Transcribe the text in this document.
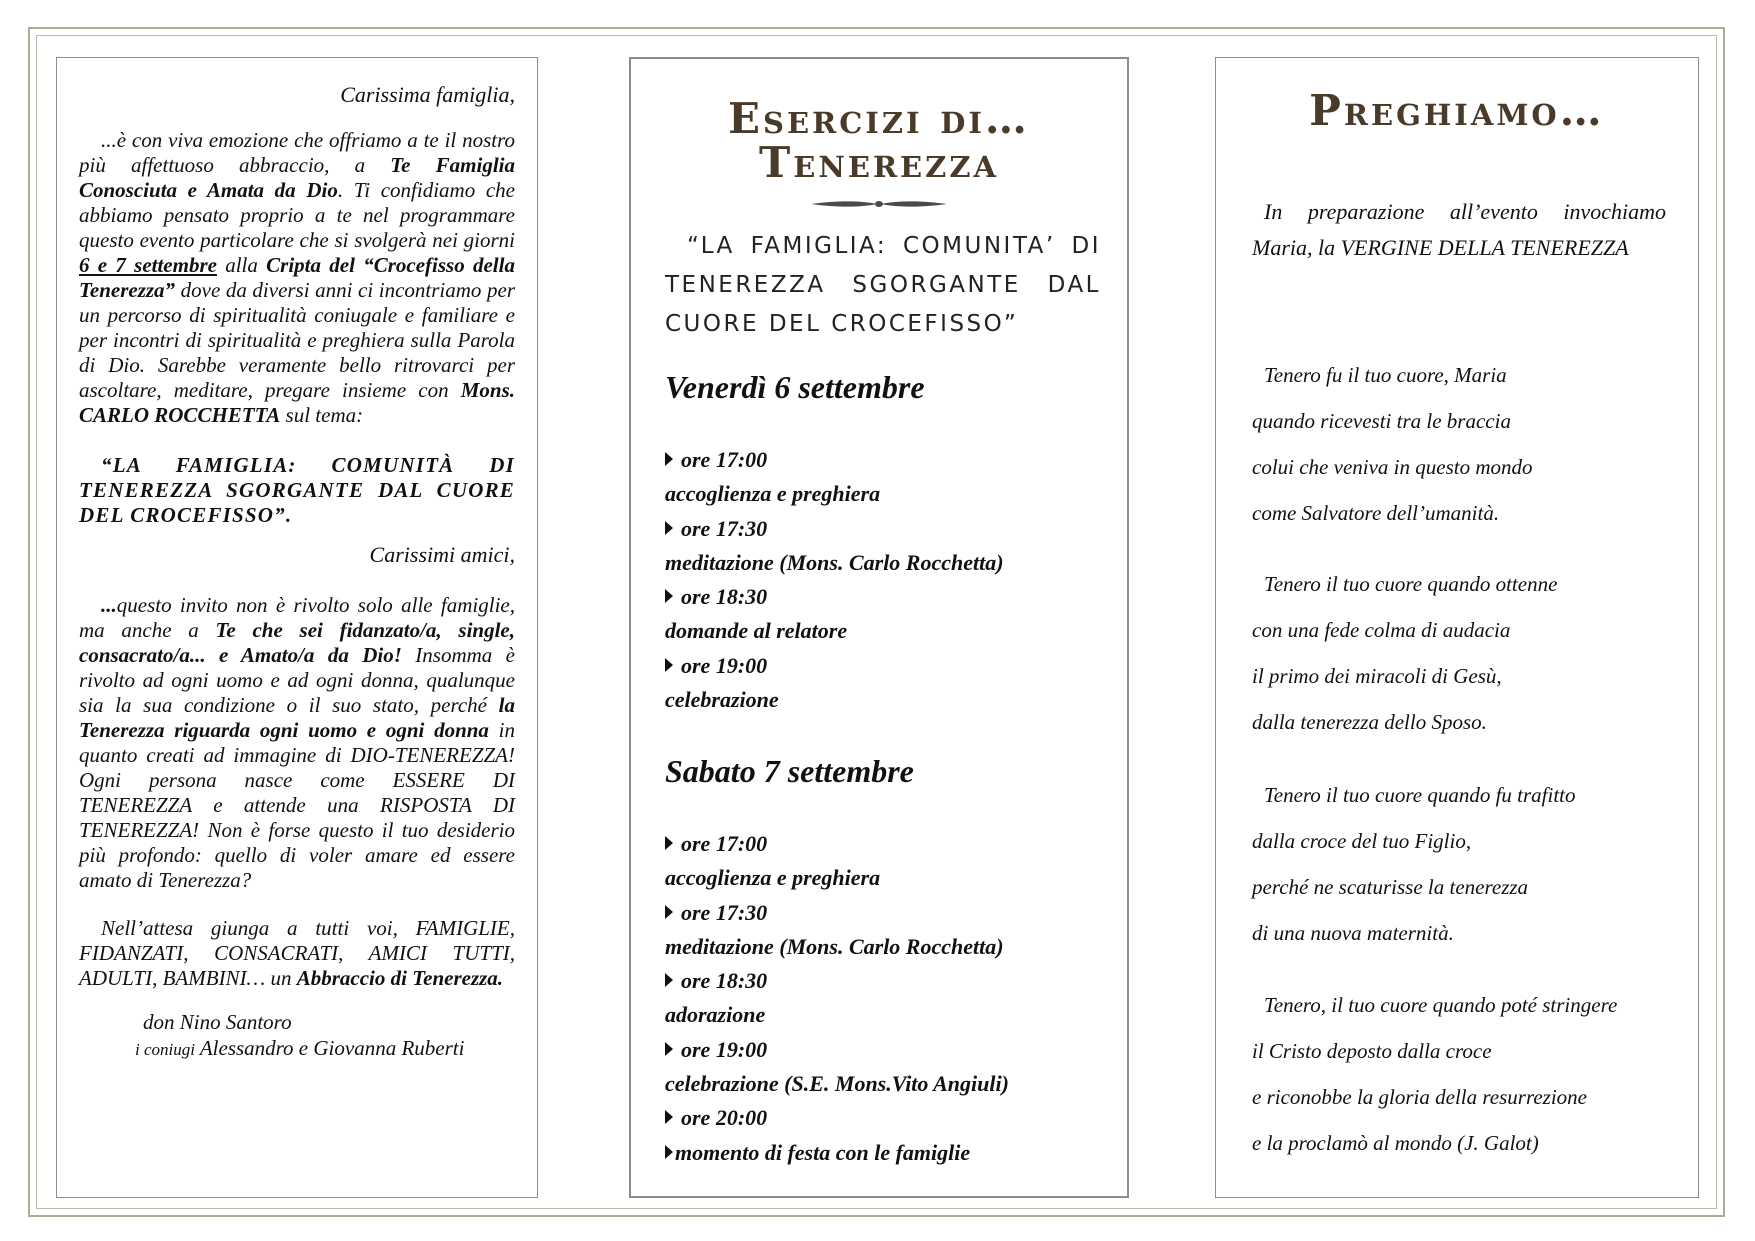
Carissima famiglia,

...è con viva emozione che offriamo a te il nostro più affettuoso abbraccio, a Te Famiglia Conosciuta e Amata da Dio. Ti confidiamo che abbiamo pensato proprio a te nel programmare questo evento particolare che si svolgerà nei giorni 6 e 7 settembre alla Cripta del “Crocefisso della Tenerezza” dove da diversi anni ci incontriamo per un percorso di spiritualità coniugale e familiare e per incontri di spiritualità e preghiera sulla Parola di Dio. Sarebbe veramente bello ritrovarci per ascoltare, meditare, pregare insieme con Mons. CARLO ROCCHETTA sul tema:

“LA FAMIGLIA: COMUNITÀ DI TENEREZZA SGORGANTE DAL CUORE DEL CROCEFISSO”.

Carissimi amici,

...questo invito non è rivolto solo alle famiglie, ma anche a Te che sei fidanzato/a, single, consacrato/a... e Amato/a da Dio! Insomma è rivolto ad ogni uomo e ad ogni donna, qualunque sia la sua condizione o il suo stato, perché la Tenerezza riguarda ogni uomo e ogni donna in quanto creati ad immagine di DIO-TENEREZZA! Ogni persona nasce come ESSERE DI TENEREZZA e attende una RISPOSTA DI TENEREZZA! Non è forse questo il tuo desiderio più profondo: quello di voler amare ed essere amato di Tenerezza?

Nell’attesa giunga a tutti voi, FAMIGLIE, FIDANZATI, CONSACRATI, AMICI TUTTI, ADULTI, BAMBINI… un Abbraccio di Tenerezza.

don Nino Santoro

i coniugi Alessandro e Giovanna Ruberti

Esercizi di…
Tenerezza

“LA FAMIGLIA: COMUNITA’ DI TENEREZZA SGORGANTE DAL CUORE DEL CROCEFISSO”

Venerdì 6 settembre
ore 17:00
accoglienza e preghiera
ore 17:30
meditazione (Mons. Carlo Rocchetta)
ore 18:30
domande al relatore
ore 19:00
celebrazione
Sabato 7 settembre
ore 17:00
accoglienza e preghiera
ore 17:30
meditazione (Mons. Carlo Rocchetta)
ore 18:30
adorazione
ore 19:00
celebrazione (S.E. Mons.Vito Angiuli)
ore 20:00
momento di festa con le famiglie
Preghiamo…

In preparazione all’evento invochiamo Maria, la VERGINE DELLA TENEREZZA

Tenero fu il tuo cuore, Maria
quando ricevesti tra le braccia
colui che veniva in questo mondo
come Salvatore dell’umanità.
Tenero il tuo cuore quando ottenne
con una fede colma di audacia
il primo dei miracoli di Gesù,
dalla tenerezza dello Sposo.
Tenero il tuo cuore quando fu trafitto
dalla croce del tuo Figlio,
perché ne scaturisse la tenerezza
di una nuova maternità.
Tenero, il tuo cuore quando poté stringere
il Cristo deposto dalla croce
e riconobbe la gloria della resurrezione
e la proclamò al mondo (J. Galot)
